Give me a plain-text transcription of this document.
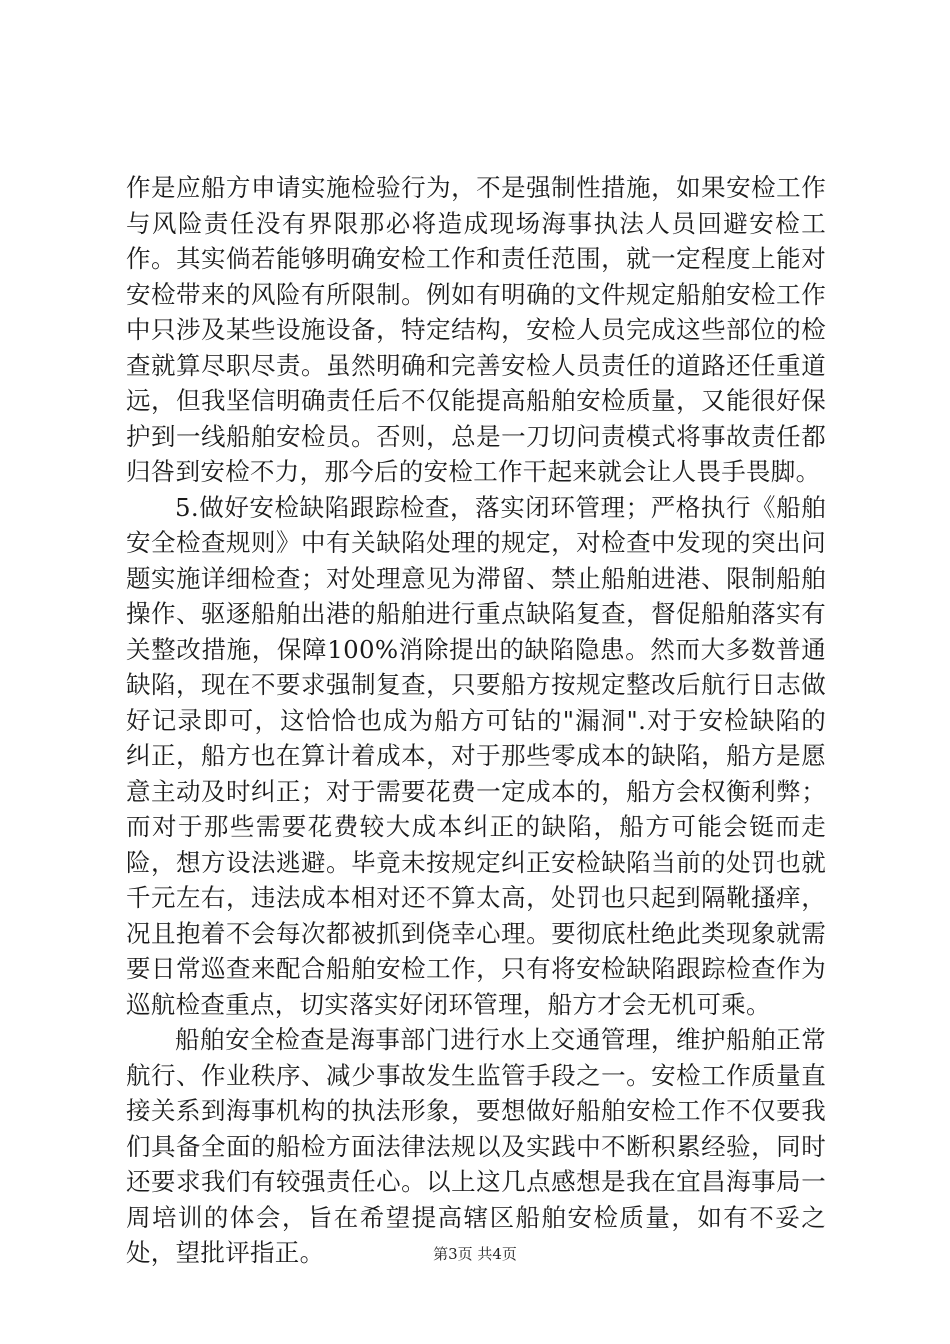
作是应船方申请实施检验行为，不是强制性措施，如果安检工作与风险责任没有界限那必将造成现场海事执法人员回避安检工作。其实倘若能够明确安检工作和责任范围，就一定程度上能对安检带来的风险有所限制。例如有明确的文件规定船舶安检工作中只涉及某些设施设备，特定结构，安检人员完成这些部位的检查就算尽职尽责。虽然明确和完善安检人员责任的道路还任重道远，但我坚信明确责任后不仅能提高船舶安检质量，又能很好保护到一线船舶安检员。否则，总是一刀切问责模式将事故责任都归咎到安检不力，那今后的安检工作干起来就会让人畏手畏脚。

5.做好安检缺陷跟踪检查，落实闭环管理；严格执行《船舶安全检查规则》中有关缺陷处理的规定，对检查中发现的突出问题实施详细检查；对处理意见为滞留、禁止船舶进港、限制船舶操作、驱逐船舶出港的船舶进行重点缺陷复查，督促船舶落实有关整改措施，保障100%消除提出的缺陷隐患。然而大多数普通缺陷，现在不要求强制复查，只要船方按规定整改后航行日志做好记录即可，这恰恰也成为船方可钻的"漏洞".对于安检缺陷的纠正，船方也在算计着成本，对于那些零成本的缺陷，船方是愿意主动及时纠正；对于需要花费一定成本的，船方会权衡利弊；而对于那些需要花费较大成本纠正的缺陷，船方可能会铤而走险，想方设法逃避。毕竟未按规定纠正安检缺陷当前的处罚也就千元左右，违法成本相对还不算太高，处罚也只起到隔靴搔痒，况且抱着不会每次都被抓到侥幸心理。要彻底杜绝此类现象就需要日常巡查来配合船舶安检工作，只有将安检缺陷跟踪检查作为巡航检查重点，切实落实好闭环管理，船方才会无机可乘。

船舶安全检查是海事部门进行水上交通管理，维护船舶正常航行、作业秩序、减少事故发生监管手段之一。安检工作质量直接关系到海事机构的执法形象，要想做好船舶安检工作不仅要我们具备全面的船检方面法律法规以及实践中不断积累经验，同时还要求我们有较强责任心。以上这几点感想是我在宜昌海事局一周培训的体会，旨在希望提高辖区船舶安检质量，如有不妥之处，望批评指正。	第3页 共4页
